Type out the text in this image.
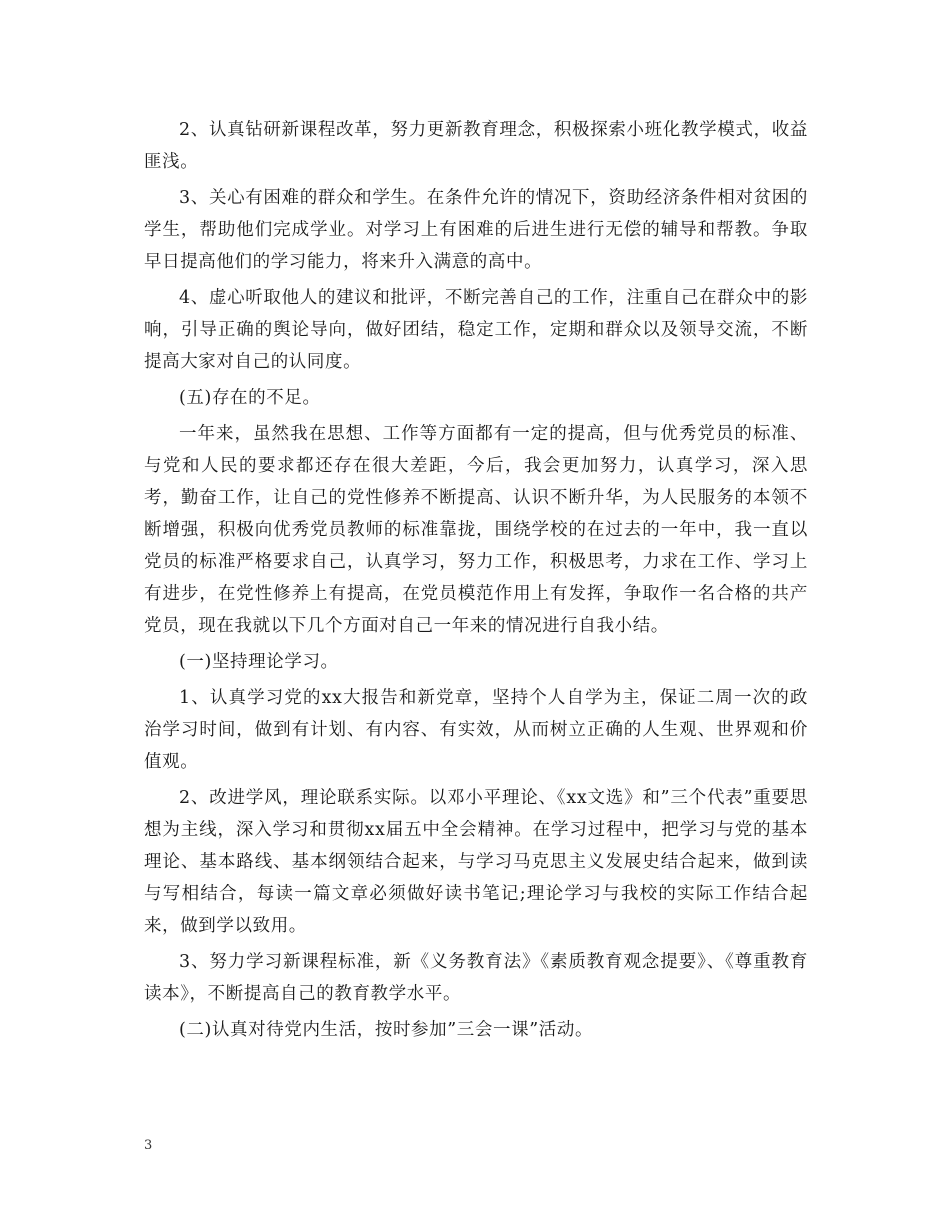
2、认真钻研新课程改革，努力更新教育理念，积极探索小班化教学模式，收益匪浅。

3、关心有困难的群众和学生。在条件允许的情况下，资助经济条件相对贫困的学生，帮助他们完成学业。对学习上有困难的后进生进行无偿的辅导和帮教。争取早日提高他们的学习能力，将来升入满意的高中。

4、虚心听取他人的建议和批评，不断完善自己的工作，注重自己在群众中的影响，引导正确的舆论导向，做好团结，稳定工作，定期和群众以及领导交流，不断提高大家对自己的认同度。

(五)存在的不足。

一年来，虽然我在思想、工作等方面都有一定的提高，但与优秀党员的标准、与党和人民的要求都还存在很大差距，今后，我会更加努力，认真学习，深入思考，勤奋工作，让自己的党性修养不断提高、认识不断升华，为人民服务的本领不断增强，积极向优秀党员教师的标准靠拢，围绕学校的在过去的一年中，我一直以党员的标准严格要求自己，认真学习，努力工作，积极思考，力求在工作、学习上有进步，在党性修养上有提高，在党员模范作用上有发挥，争取作一名合格的共产党员，现在我就以下几个方面对自己一年来的情况进行自我小结。

(一)坚持理论学习。

1、认真学习党的xx大报告和新党章，坚持个人自学为主，保证二周一次的政治学习时间，做到有计划、有内容、有实效，从而树立正确的人生观、世界观和价值观。

2、改进学风，理论联系实际。以邓小平理论、《xx文选》和”三个代表”重要思想为主线，深入学习和贯彻xx届五中全会精神。在学习过程中，把学习与党的基本理论、基本路线、基本纲领结合起来，与学习马克思主义发展史结合起来，做到读与写相结合，每读一篇文章必须做好读书笔记;理论学习与我校的实际工作结合起来，做到学以致用。

3、努力学习新课程标准，新《义务教育法》《素质教育观念提要》、《尊重教育读本》，不断提高自己的教育教学水平。

(二)认真对待党内生活，按时参加”三会一课”活动。

3
